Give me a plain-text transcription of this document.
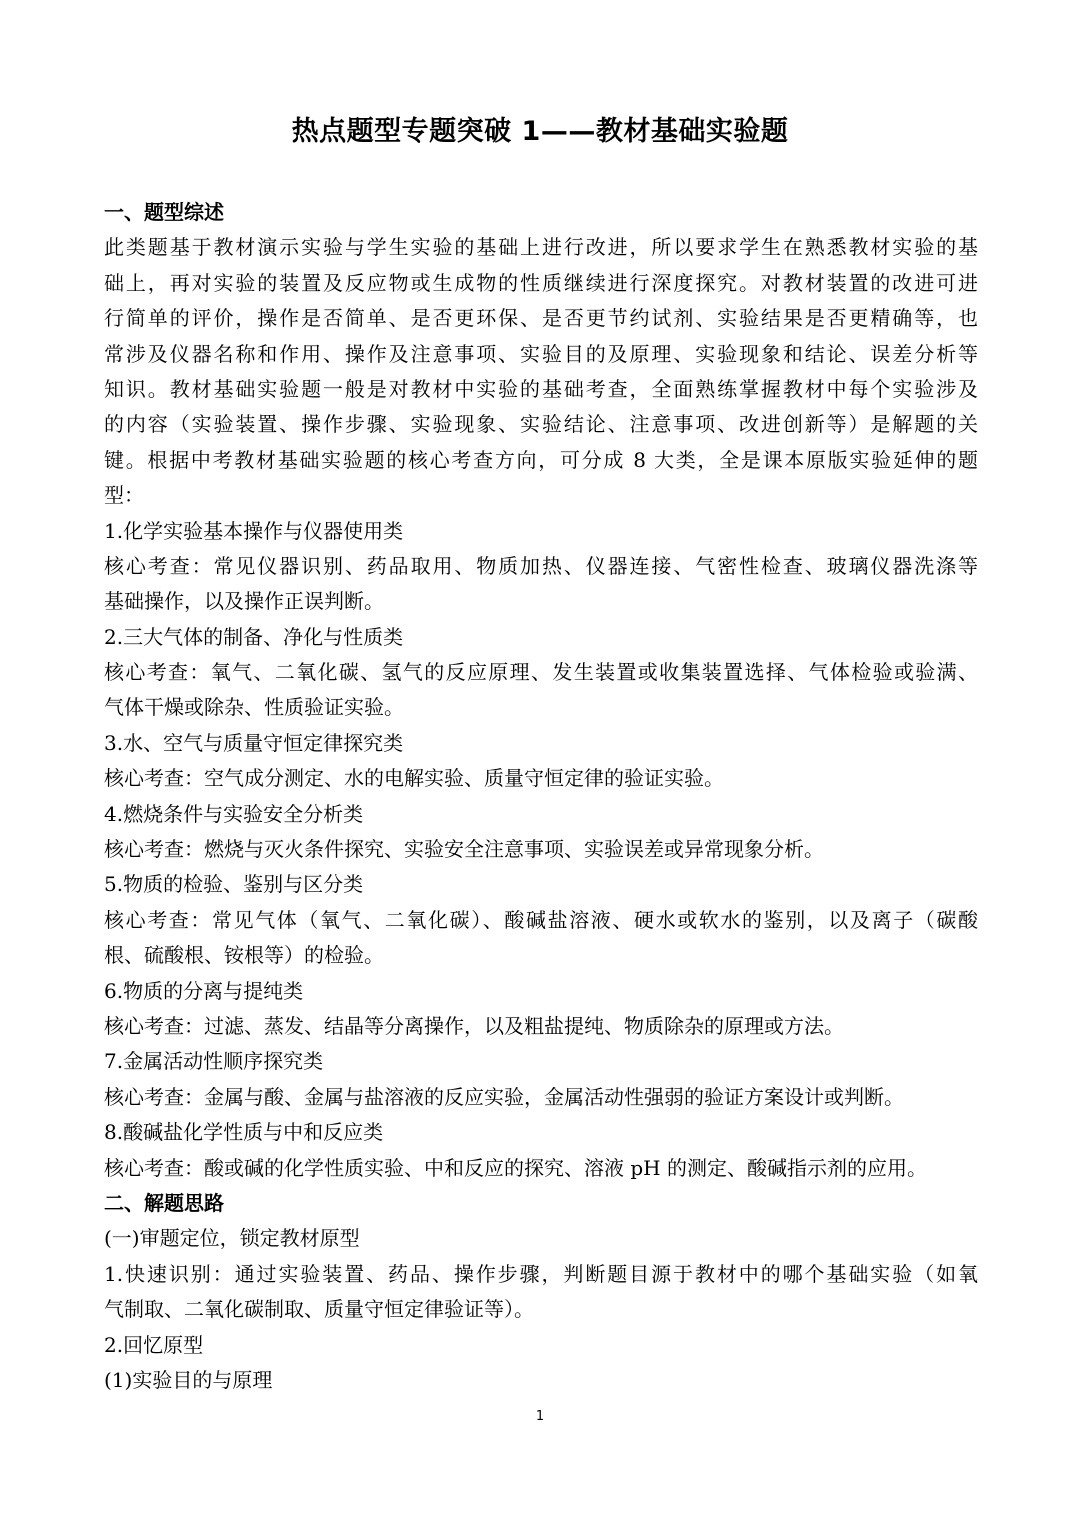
热点题型专题突破 1——教材基础实验题
一、题型综述
此类题基于教材演示实验与学生实验的基础上进行改进，所以要求学生在熟悉教材实验的基
础上，再对实验的装置及反应物或生成物的性质继续进行深度探究。对教材装置的改进可进
行简单的评价，操作是否简单、是否更环保、是否更节约试剂、实验结果是否更精确等，也
常涉及仪器名称和作用、操作及注意事项、实验目的及原理、实验现象和结论、误差分析等
知识。教材基础实验题一般是对教材中实验的基础考查，全面熟练掌握教材中每个实验涉及
的内容（实验装置、操作步骤、实验现象、实验结论、注意事项、改进创新等）是解题的关
键。根据中考教材基础实验题的核心考查方向，可分成 8 大类，全是课本原版实验延伸的题
型：
1.化学实验基本操作与仪器使用类
核心考查：常见仪器识别、药品取用、物质加热、仪器连接、气密性检查、玻璃仪器洗涤等
基础操作，以及操作正误判断。
2.三大气体的制备、净化与性质类
核心考查：氧气、二氧化碳、氢气的反应原理、发生装置或收集装置选择、气体检验或验满、
气体干燥或除杂、性质验证实验。
3.水、空气与质量守恒定律探究类
核心考查：空气成分测定、水的电解实验、质量守恒定律的验证实验。
4.燃烧条件与实验安全分析类
核心考查：燃烧与灭火条件探究、实验安全注意事项、实验误差或异常现象分析。
5.物质的检验、鉴别与区分类
核心考查：常见气体（氧气、二氧化碳）、酸碱盐溶液、硬水或软水的鉴别，以及离子（碳酸
根、硫酸根、铵根等）的检验。
6.物质的分离与提纯类
核心考查：过滤、蒸发、结晶等分离操作，以及粗盐提纯、物质除杂的原理或方法。
7.金属活动性顺序探究类
核心考查：金属与酸、金属与盐溶液的反应实验，金属活动性强弱的验证方案设计或判断。
8.酸碱盐化学性质与中和反应类
核心考查：酸或碱的化学性质实验、中和反应的探究、溶液 pH 的测定、酸碱指示剂的应用。
二、解题思路
(一)审题定位，锁定教材原型
1.快速识别：通过实验装置、药品、操作步骤，判断题目源于教材中的哪个基础实验（如氧
气制取、二氧化碳制取、质量守恒定律验证等）。
2.回忆原型
(1)实验目的与原理
1
